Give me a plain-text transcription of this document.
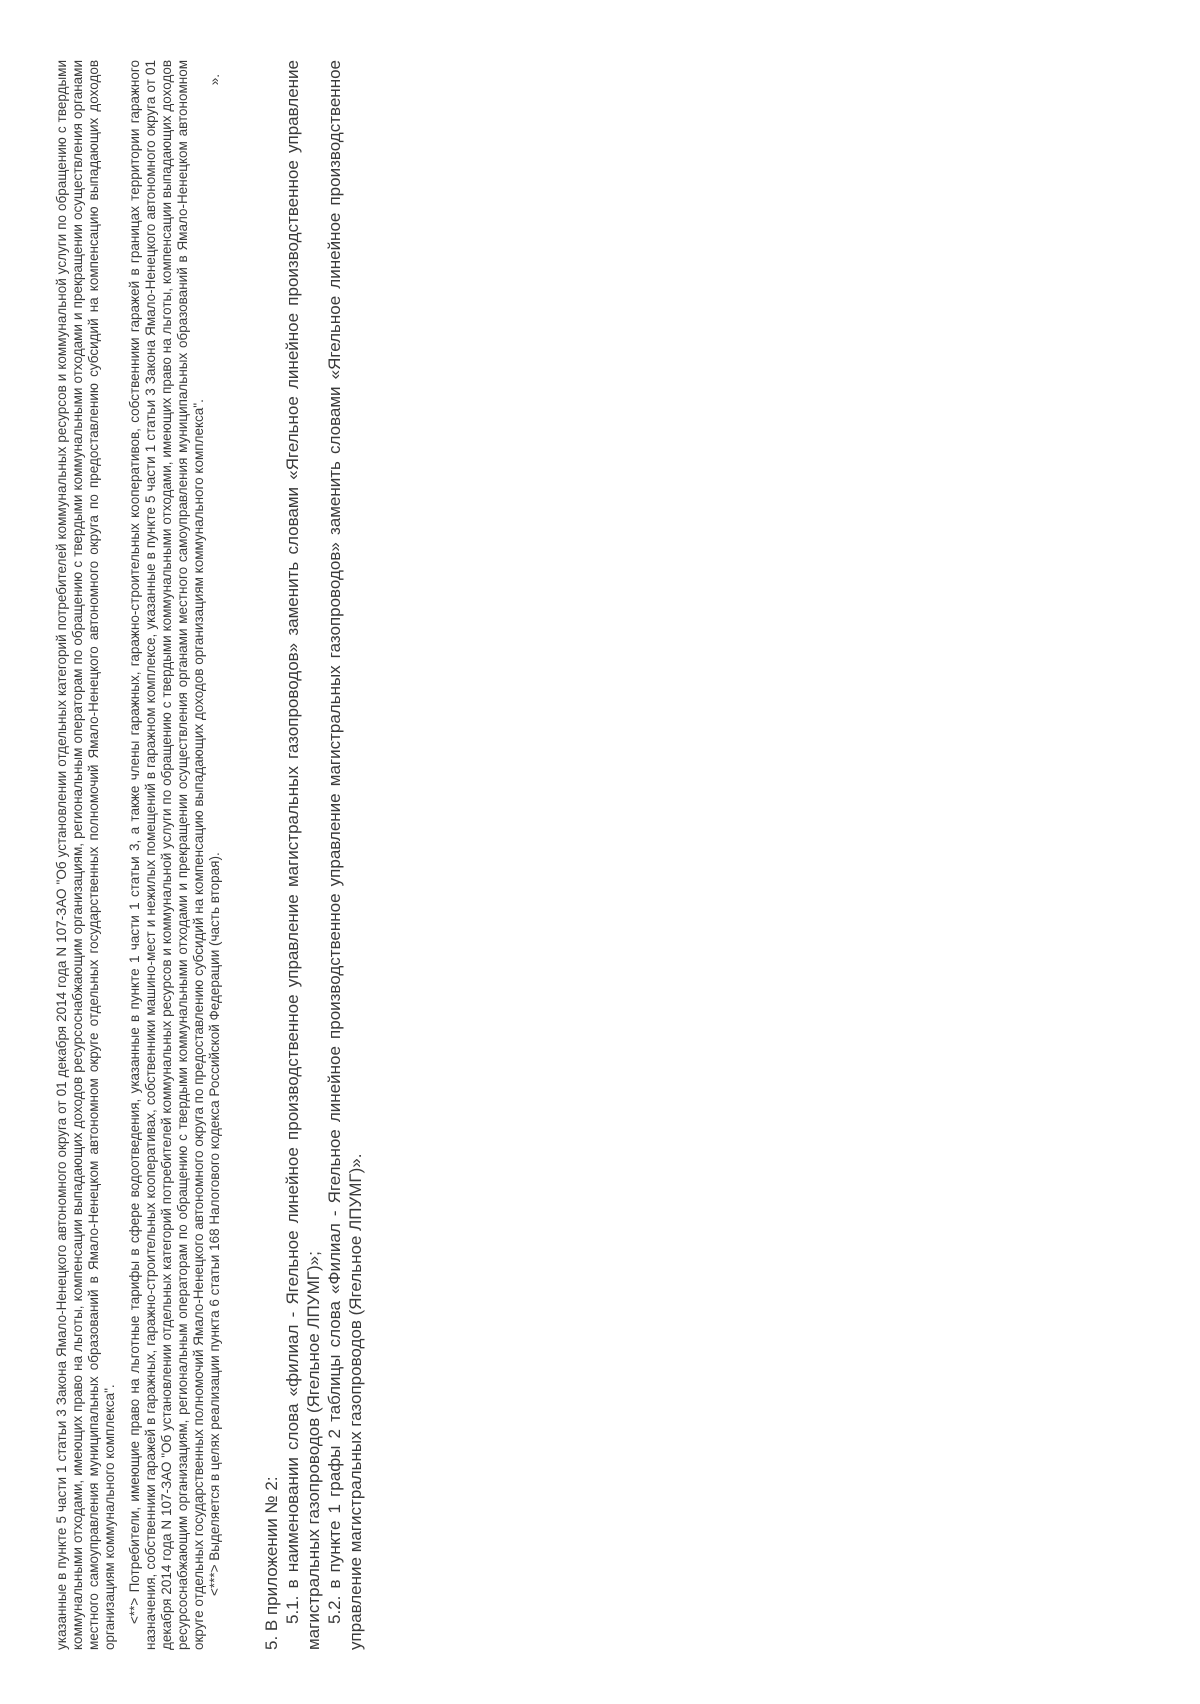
указанные в пункте 5 части 1 статьи 3 Закона Ямало-Ненецкого автономного округа от 01 декабря 2014 года N 107-ЗАО "Об установлении отдельных категорий потребителей коммунальных ресурсов и коммунальной услуги по обращению с твердыми коммунальными отходами, имеющих право на льготы, компенсации выпадающих доходов ресурсоснабжающим организациям, региональным операторам по обращению с твердыми коммунальными отходами и прекращении осуществления органами местного самоуправления муниципальных образований в Ямало-Ненецком автономном округе отдельных государственных полномочий Ямало-Ненецкого автономного округа по предоставлению субсидий на компенсацию выпадающих доходов организациям коммунального комплекса". <**> Потребители, имеющие право на льготные тарифы в сфере водоотведения, указанные в пункте 1 части 1 статьи 3, а также члены гаражных, гаражно-строительных кооперативов, собственники гаражей в границах территории гаражного назначения, собственники гаражей в гаражных, гаражно-строительных кооперативах, собственники машино-мест и нежилых помещений в гаражном комплексе, указанные в пункте 5 части 1 статьи 3 Закона Ямало-Ненецкого автономного округа от 01 декабря 2014 года N 107-ЗАО "Об установлении отдельных категорий потребителей коммунальных ресурсов и коммунальной услуги по обращению с твердыми коммунальными отходами, имеющих право на льготы, компенсации выпадающих доходов ресурсоснабжающим организациям, региональным операторам по обращению с твердыми коммунальными отходами и прекращении осуществления органами местного самоуправления муниципальных образований в Ямало-Ненецком автономном округе отдельных государственных полномочий Ямало-Ненецкого автономного округа по предоставлению субсидий на компенсацию выпадающих доходов организациям коммунального комплекса". <***> Выделяется в целях реализации пункта 6 статьи 168 Налогового кодекса Российской Федерации (часть вторая).

».

5. В приложении № 2: 5.1. в наименовании слова «филиал - Ягельное линейное производственное управление магистральных газопроводов» заменить словами «Ягельное линейное производственное управление магистральных газопроводов (Ягельное ЛПУМГ)»; 5.2. в пункте 1 графы 2 таблицы слова «Филиал - Ягельное линейное производственное управление магистральных газопроводов» заменить словами «Ягельное линейное производственное управление магистральных газопроводов (Ягельное ЛПУМГ)».
